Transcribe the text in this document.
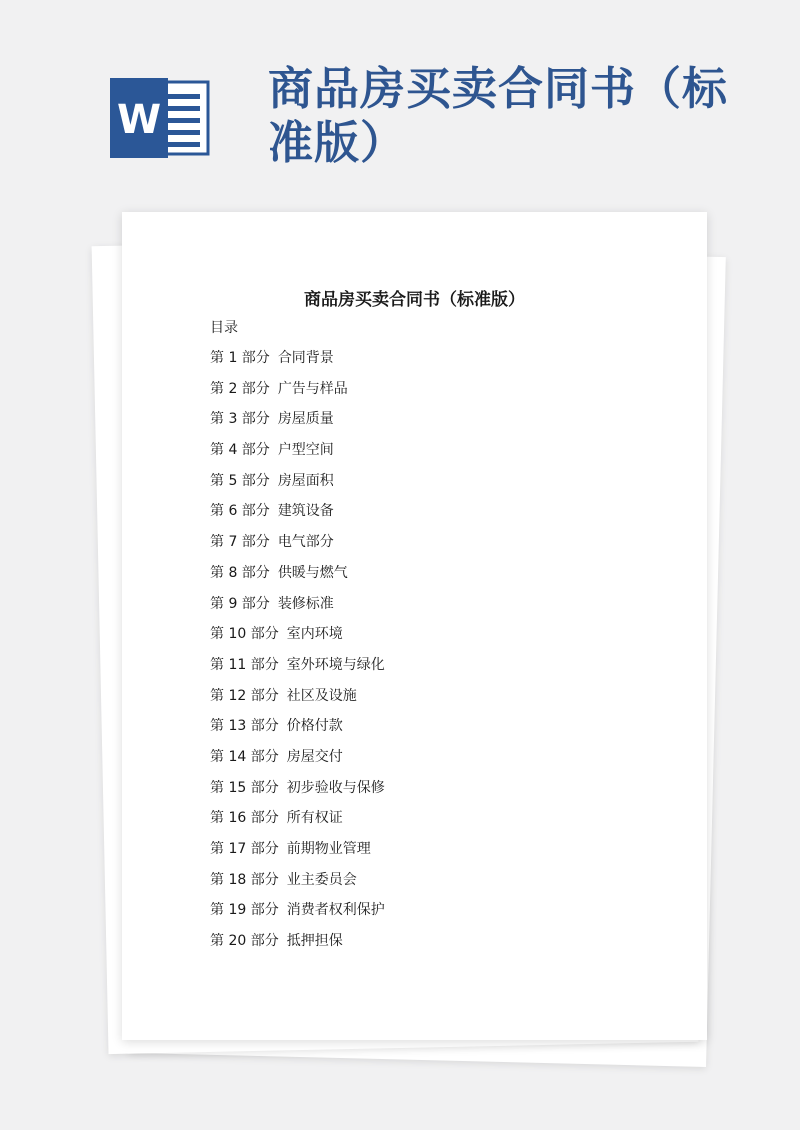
W
商品房买卖合同书（标准版）
商品房买卖合同书（标准版）
目录
第 1 部分 合同背景
第 2 部分 广告与样品
第 3 部分 房屋质量
第 4 部分 户型空间
第 5 部分 房屋面积
第 6 部分 建筑设备
第 7 部分 电气部分
第 8 部分 供暖与燃气
第 9 部分 装修标准
第 10 部分 室内环境
第 11 部分 室外环境与绿化
第 12 部分 社区及设施
第 13 部分 价格付款
第 14 部分 房屋交付
第 15 部分 初步验收与保修
第 16 部分 所有权证
第 17 部分 前期物业管理
第 18 部分 业主委员会
第 19 部分 消费者权利保护
第 20 部分 抵押担保
